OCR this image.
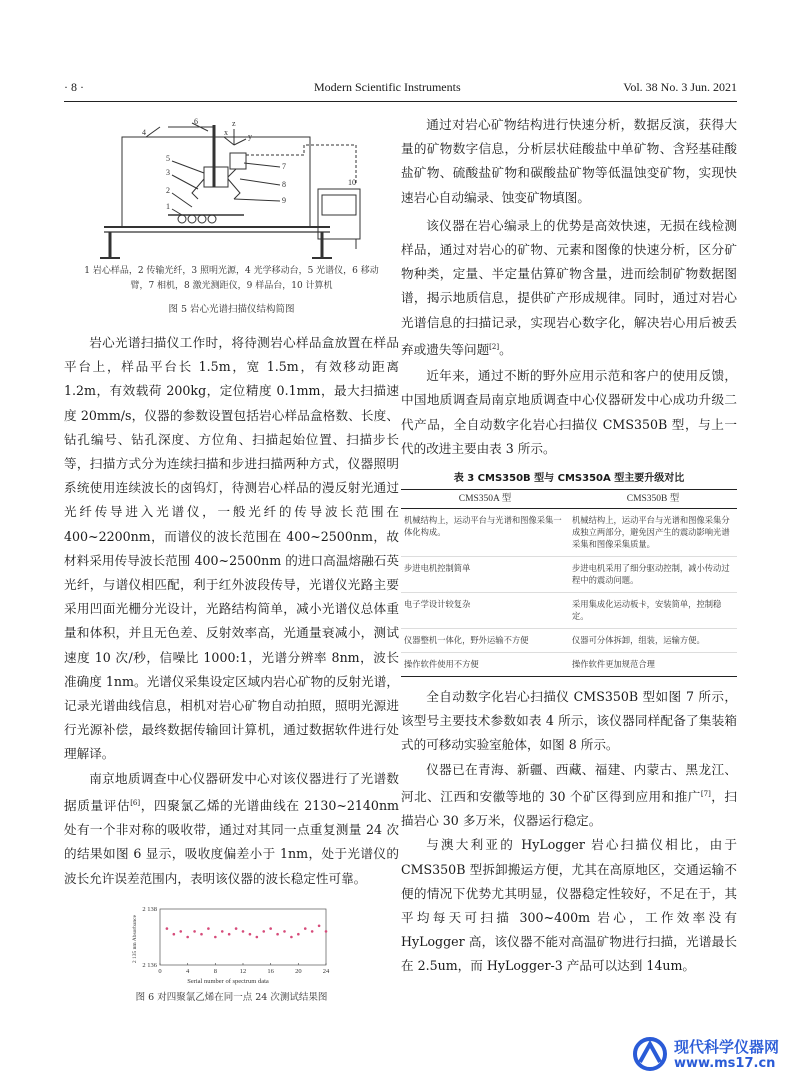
· 8 ·	Modern Scientific Instruments	Vol. 38 No. 3 Jun. 2021
6
4	x
z
y
5
7
3
8
2
9
1
10
1 岩心样品，2 传输光纤，3 照明光源，4 光学移动台，5 光谱仪，6 移动
臂，7 相机，8 激光测距仪，9 样品台，10 计算机

图 5 岩心光谱扫描仪结构简图

岩心光谱扫描仪工作时，将待测岩心样品盒放置在样品平台上，样品平台长 1.5m，宽 1.5m，有效移动距离 1.2m，有效载荷 200kg，定位精度 0.1mm，最大扫描速度 20mm/s，仪器的参数设置包括岩心样品盒格数、长度、钻孔编号、钻孔深度、方位角、扫描起始位置、扫描步长等，扫描方式分为连续扫描和步进扫描两种方式，仪器照明系统使用连续波长的卤钨灯，待测岩心样品的漫反射光通过光纤传导进入光谱仪，一般光纤的传导波长范围在 400~2200nm，而谱仪的波长范围在 400~2500nm，故材料采用传导波长范围 400~2500nm 的进口高温熔融石英光纤，与谱仪相匹配，利于红外波段传导，光谱仪光路主要采用凹面光栅分光设计，光路结构简单，减小光谱仪总体重量和体积，并且无色差、反射效率高，光通量衰减小，测试速度 10 次/秒，信噪比 1000:1，光谱分辨率 8nm，波长准确度 1nm。光谱仪采集设定区域内岩心矿物的反射光谱，记录光谱曲线信息，相机对岩心矿物自动拍照，照明光源进行光源补偿，最终数据传输回计算机，通过数据软件进行处理解译。

南京地质调查中心仪器研发中心对该仪器进行了光谱数据质量评估[6]，四聚氯乙烯的光谱曲线在 2130~2140nm 处有一个非对称的吸收带，通过对其同一点重复测量 24 次的结果如图 6 显示，吸收度偏差小于 1nm，处于光谱仪的波长允许误差范围内，表明该仪器的波长稳定性可靠。

0	4	8	12	16	20	24
2 136
2 138
Serial number of spectrum data
2 135 nm Absorbance

图 6 对四聚氯乙烯在同一点 24 次测试结果图

通过对岩心矿物结构进行快速分析，数据反演，获得大量的矿物数字信息，分析层状硅酸盐中单矿物、含羟基硅酸盐矿物、硫酸盐矿物和碳酸盐矿物等低温蚀变矿物，实现快速岩心自动编录、蚀变矿物填图。

该仪器在岩心编录上的优势是高效快速，无损在线检测样品，通过对岩心的矿物、元素和图像的快速分析，区分矿物种类，定量、半定量估算矿物含量，进而绘制矿物数据图谱，揭示地质信息，提供矿产形成规律。同时，通过对岩心光谱信息的扫描记录，实现岩心数字化，解决岩心用后被丢弃或遗失等问题[2]。

近年来，通过不断的野外应用示范和客户的使用反馈，中国地质调查局南京地质调查中心仪器研发中心成功升级二代产品，全自动数字化岩心扫描仪 CMS350B 型，与上一代的改进主要由表 3 所示。

表 3 CMS350B 型与 CMS350A 型主要升级对比

CMS350A 型	CMS350B 型
机械结构上，运动平台与光谱和图像采集一体化构成。	机械结构上，运动平台与光谱和图像采集分成独立两部分，避免因产生的震动影响光谱采集和图像采集质量。
步进电机控制简单	步进电机采用了细分驱动控制，减小传动过程中的震动问题。
电子学设计较复杂	采用集成化运动板卡，安装简单，控制稳定。
仪器整机一体化，野外运输不方便	仪器可分体拆卸，组装，运输方便。
操作软件使用不方便	操作软件更加规范合理

全自动数字化岩心扫描仪 CMS350B 型如图 7 所示，该型号主要技术参数如表 4 所示，该仪器同样配备了集装箱式的可移动实验室舱体，如图 8 所示。

仪器已在青海、新疆、西藏、福建、内蒙古、黑龙江、河北、江西和安徽等地的 30 个矿区得到应用和推广[7]，扫描岩心 30 多万米，仪器运行稳定。

与澳大利亚的 HyLogger 岩心扫描仪相比，由于 CMS350B 型拆卸搬运方便，尤其在高原地区，交通运输不便的情况下优势尤其明显，仪器稳定性较好，不足在于，其平均每天可扫描 300~400m 岩心，工作效率没有 HyLogger 高，该仪器不能对高温矿物进行扫描，光谱最长在 2.5um，而 HyLogger-3 产品可以达到 14um。

现代科学仪器网
www.ms17.cn
